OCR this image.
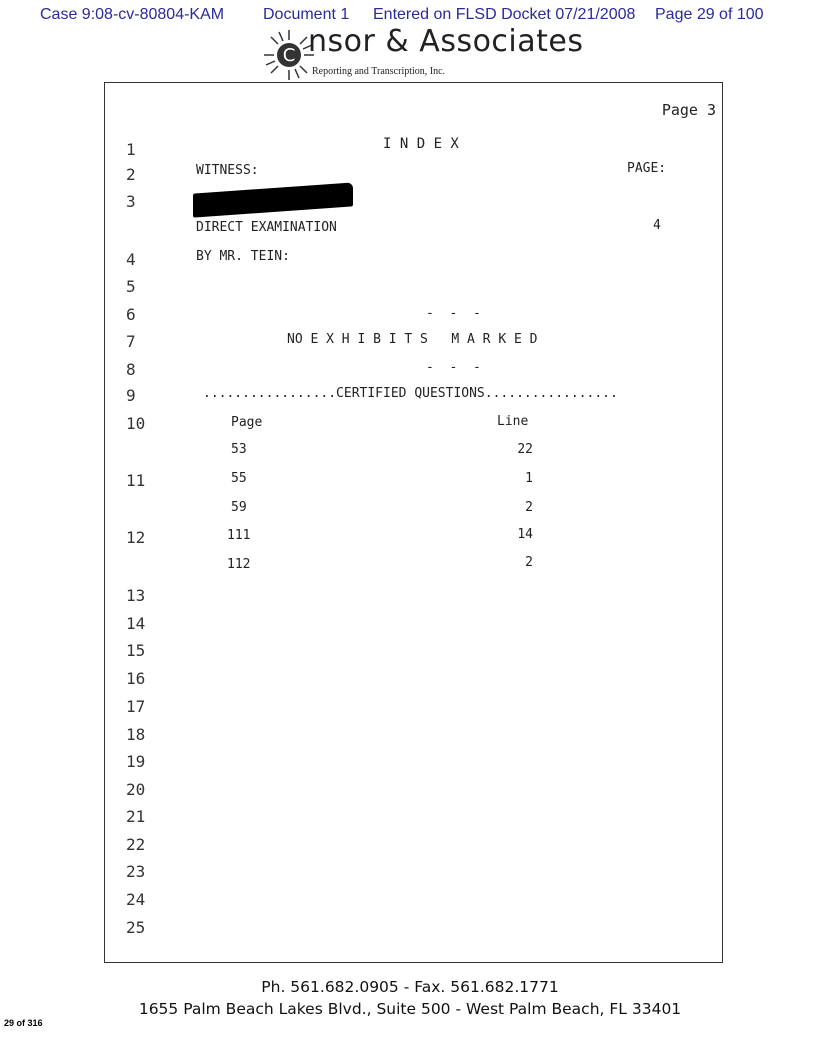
Case 9:08-cv-80804-KAM Document 1 Entered on FLSD Docket 07/21/2008 Page 29 of 100
C nsor & Associates
Reporting and Transcription, Inc.
Page 3
1
2
3
4
5
6
7
8
9
10
11
12
13
14
15
16
17
18
19
20
21
22
23
24
25
I N D E X
WITNESS:	PAGE:
DIRECT EXAMINATION	4
BY MR. TEIN:
-  -  -
NO E X H I B I T S   M A R K E D
-  -  -
.................CERTIFIED QUESTIONS.................
Page	Line
53	22
55	1
59	2
111	14
112	2
Ph. 561.682.0905 - Fax. 561.682.1771
1655 Palm Beach Lakes Blvd., Suite 500 - West Palm Beach, FL 33401
29 of 316
